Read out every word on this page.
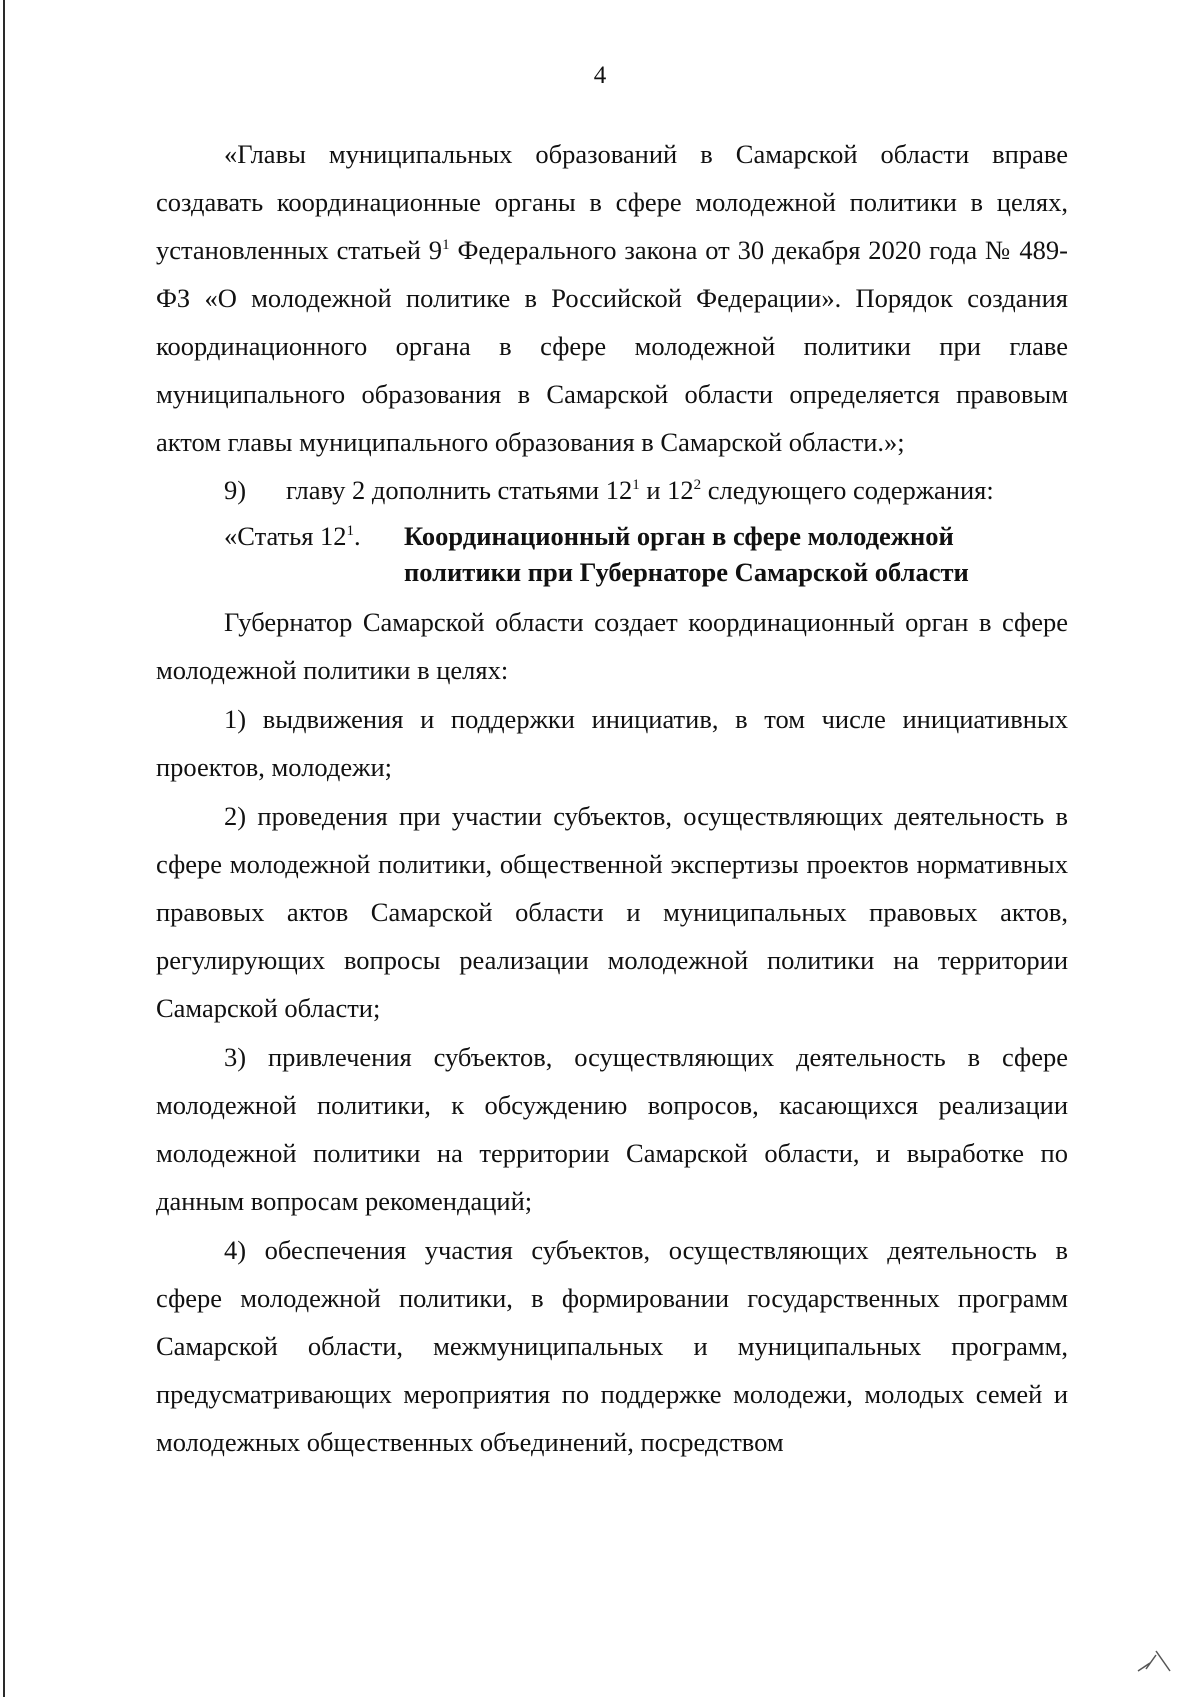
4

«Главы муниципальных образований в Самарской области вправе создавать координационные органы в сфере молодежной политики в целях, установленных статьей $9^1$ Федерального закона от 30 декабря 2020 года № 489-ФЗ «О молодежной политике в Российской Федерации». Порядок создания координационного органа в сфере молодежной политики при главе муниципального образования в Самарской области определяется правовым актом главы муниципального образования в Самарской области.»;

9) главу 2 дополнить статьями $12^1$ и $12^2$ следующего содержания:

«Статья $12^1$.	Координационный орган в сфере молодежной
политики при Губернаторе Самарской области

Губернатор Самарской области создает координационный орган в сфере молодежной политики в целях:

1) выдвижения и поддержки инициатив, в том числе инициативных проектов, молодежи;

2) проведения при участии субъектов, осуществляющих деятельность в сфере молодежной политики, общественной экспертизы проектов нормативных правовых актов Самарской области и муниципальных правовых актов, регулирующих вопросы реализации молодежной политики на территории Самарской области;

3) привлечения субъектов, осуществляющих деятельность в сфере молодежной политики, к обсуждению вопросов, касающихся реализации молодежной политики на территории Самарской области, и выработке по данным вопросам рекомендаций;

4) обеспечения участия субъектов, осуществляющих деятельность в сфере молодежной политики, в формировании государственных программ Самарской области, межмуниципальных и муниципальных программ, предусматривающих мероприятия по поддержке молодежи, молодых семей и молодежных общественных объединений, посредством
